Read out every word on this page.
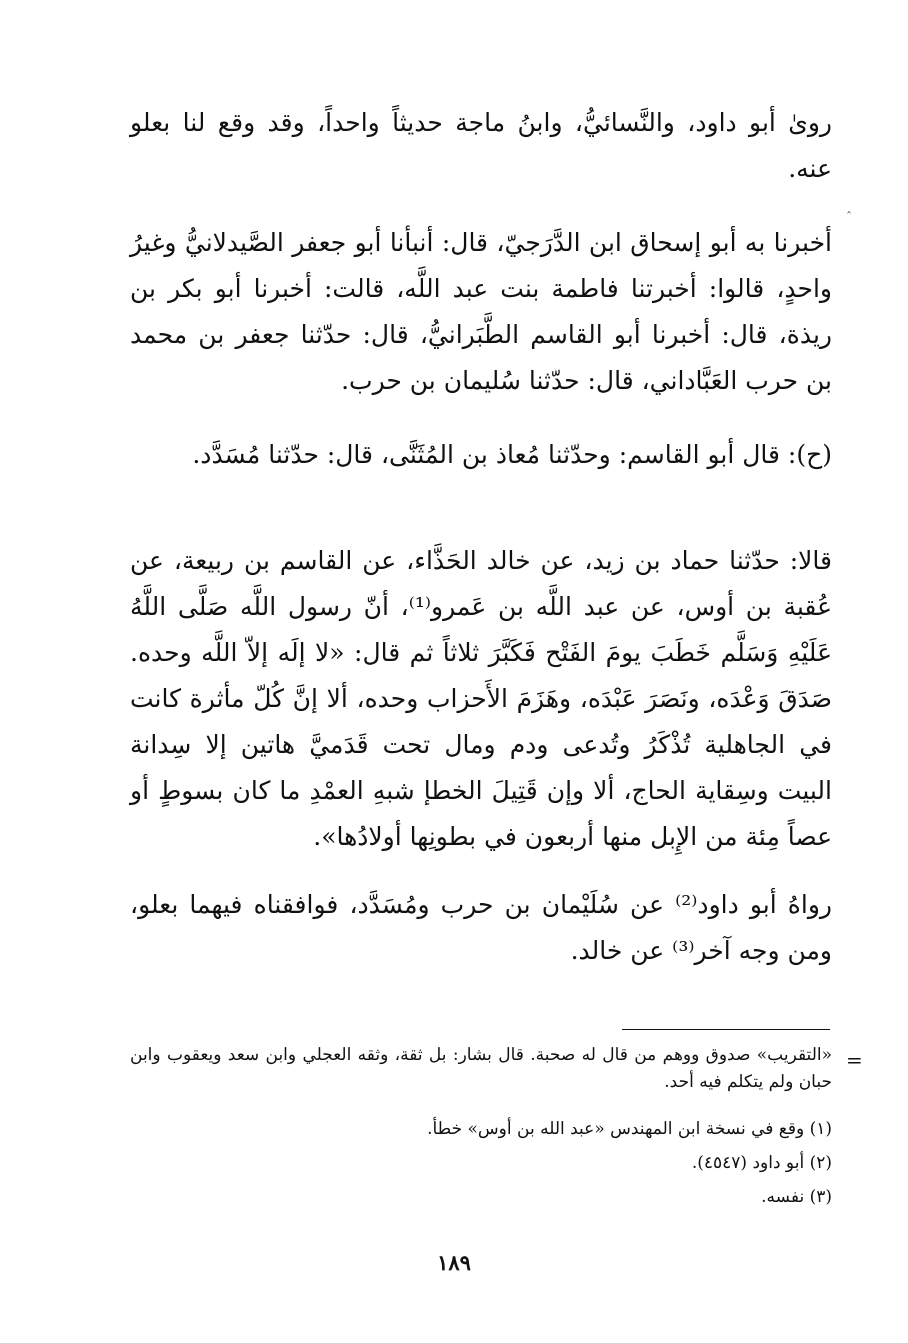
رویٰ أبو داود، والنَّسائيُّ، وابنُ ماجة حديثاً واحداً، وقد وقع لنا بعلو عنه.

ˆ

أخبرنا به أبو إسحاق ابن الدَّرَجيّ، قال: أنبأنا أبو جعفر الصَّيدلانيُّ وغيرُ واحدٍ، قالوا: أخبرتنا فاطمة بنت عبد اللَّه، قالت: أخبرنا أبو بكر بن ريذة، قال: أخبرنا أبو القاسم الطَّبَرانيُّ، قال: حدّثنا جعفر بن محمد بن حرب العَبَّاداني، قال: حدّثنا سُليمان بن حرب.

(ح): قال أبو القاسم: وحدّثنا مُعاذ بن المُثَنَّى، قال: حدّثنا مُسَدَّد.

قالا: حدّثنا حماد بن زيد، عن خالد الحَذَّاء، عن القاسم بن ربيعة، عن عُقبة بن أوس، عن عبد اللَّه بن عَمرو⁽¹⁾، أنّ رسول اللَّه صَلَّى اللَّهُ عَلَيْهِ وَسَلَّم خَطَبَ يومَ الفَتْح فَكَبَّرَ ثلاثاً ثم قال: «لا إلَه إلاّ اللَّه وحده. صَدَقَ وَعْدَه، ونَصَرَ عَبْدَه، وهَزَمَ الأَحزاب وحده، ألا إنَّ كُلّ مأثرة كانت في الجاهلية تُذْكَرُ وتُدعى ودم ومال تحت قَدَميَّ هاتين إلا سِدانة البيت وسِقاية الحاج، ألا وإن قَتِيلَ الخطإ شبهِ العمْدِ ما كان بسوطٍ أو عصاً مِئة من الإِبل منها أربعون في بطونِها أولادُها».

رواهُ أبو داود⁽²⁾ عن سُلَيْمان بن حرب ومُسَدَّد، فوافقناه فيهما بعلو، ومن وجه آخر⁽³⁾ عن خالد.

=

«التقريب» صدوق ووهم من قال له صحبة. قال بشار: بل ثقة، وثقه العجلي وابن سعد ويعقوب وابن حبان ولم يتكلم فيه أحد.

(١) وقع في نسخة ابن المهندس «عبد الله بن أوس» خطأ.

(٢) أبو داود (٤٥٤٧).

(٣) نفسه.

١٨٩
